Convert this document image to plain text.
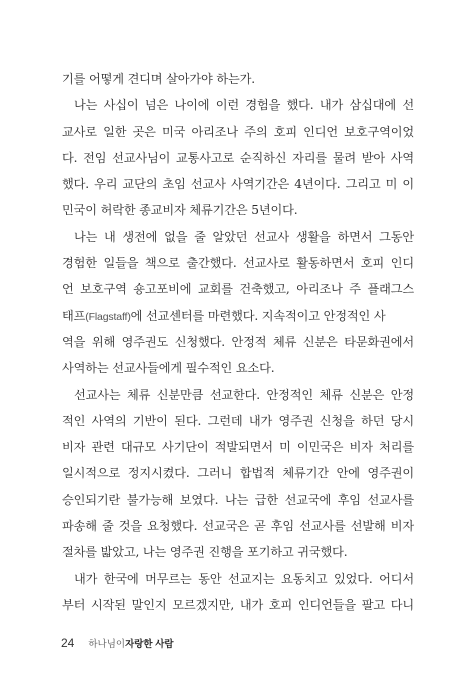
기를 어떻게 견디며 살아가야 하는가.
나는 사십이 넘은 나이에 이런 경험을 했다. 내가 삼십대에 선
교사로 일한 곳은 미국 아리조나 주의 호피 인디언 보호구역이었
다. 전임 선교사님이 교통사고로 순직하신 자리를 물려 받아 사역
했다. 우리 교단의 초임 선교사 사역기간은 4년이다. 그리고 미 이
민국이 허락한 종교비자 체류기간은 5년이다.
나는 내 생전에 없을 줄 알았던 선교사 생활을 하면서 그동안
경험한 일들을 책으로 출간했다. 선교사로 활동하면서 호피 인디
언 보호구역 숑고포비에 교회를 건축했고, 아리조나 주 플래그스
태프(Flagstaff)에 선교센터를 마련했다. 지속적이고 안정적인 사
역을 위해 영주권도 신청했다. 안정적 체류 신분은 타문화권에서
사역하는 선교사들에게 필수적인 요소다.
선교사는 체류 신분만큼 선교한다. 안정적인 체류 신분은 안정
적인 사역의 기반이 된다. 그런데 내가 영주권 신청을 하던 당시
비자 관련 대규모 사기단이 적발되면서 미 이민국은 비자 처리를
일시적으로 정지시켰다. 그러니 합법적 체류기간 안에 영주권이
승인되기란 불가능해 보였다. 나는 급한 선교국에 후임 선교사를
파송해 줄 것을 요청했다. 선교국은 곧 후임 선교사를 선발해 비자
절차를 밟았고, 나는 영주권 진행을 포기하고 귀국했다.
내가 한국에 머무르는 동안 선교지는 요동치고 있었다. 어디서
부터 시작된 말인지 모르겠지만, 내가 호피 인디언들을 팔고 다니
24 하나님이자랑한 사람
